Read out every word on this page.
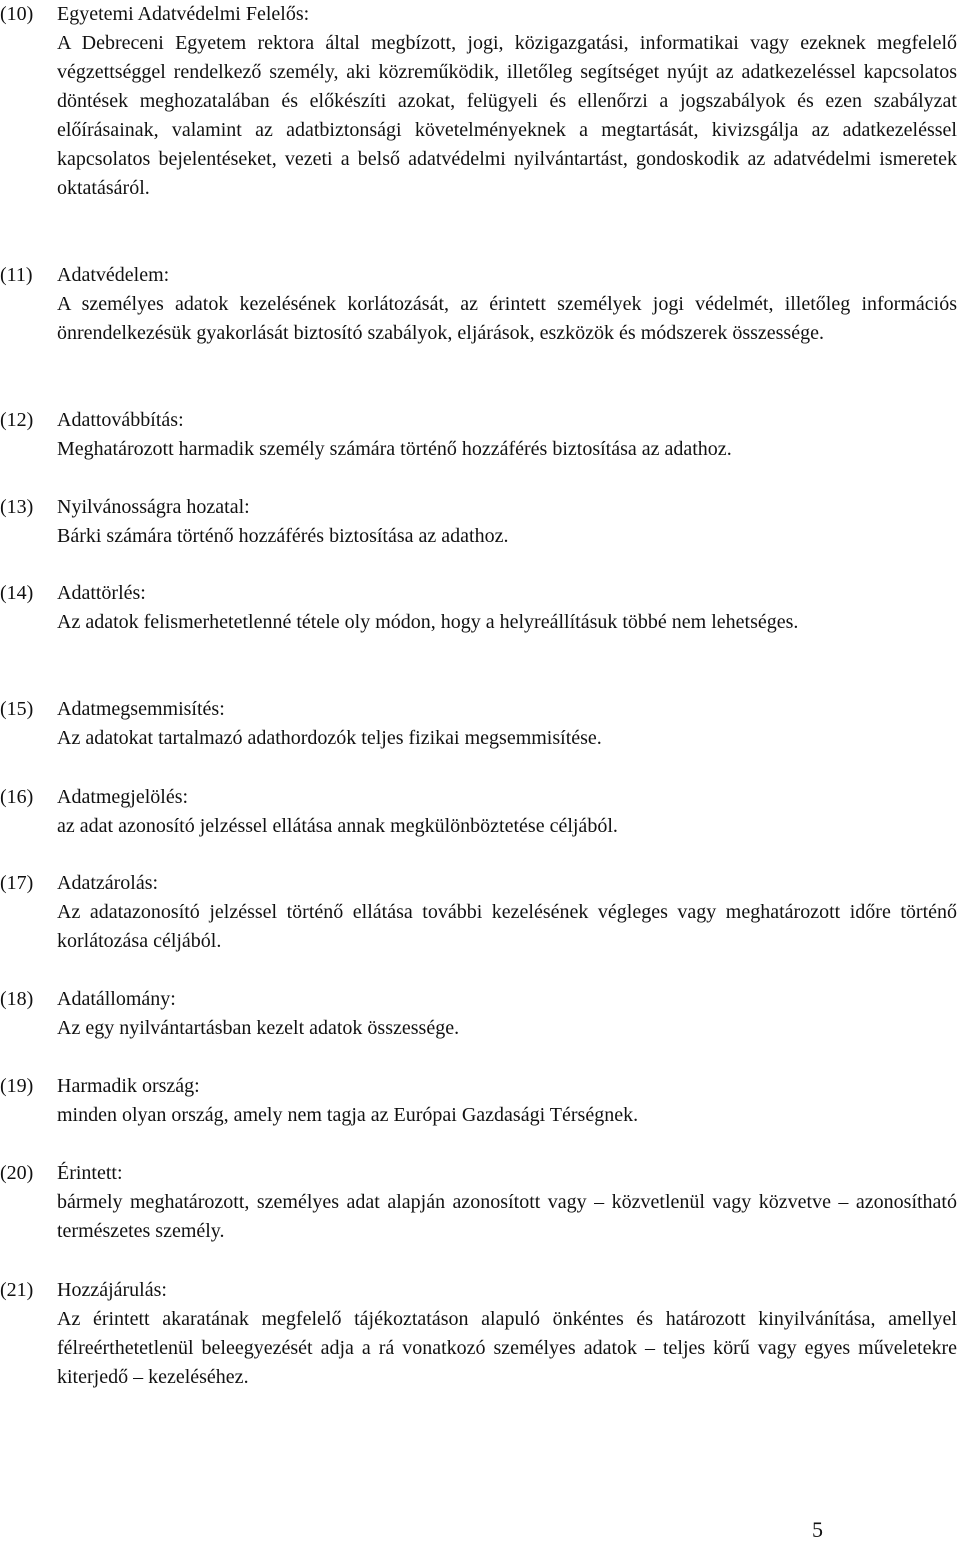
(10) Egyetemi Adatvédelmi Felelős:
A Debreceni Egyetem rektora által megbízott, jogi, közigazgatási, informatikai vagy ezeknek megfelelő végzettséggel rendelkező személy, aki közreműködik, illetőleg segítséget nyújt az adatkezeléssel kapcsolatos döntések meghozatalában és előkészíti azokat, felügyeli és ellenőrzi a jogszabályok és ezen szabályzat előírásainak, valamint az adatbiztonsági követelményeknek a megtartását, kivizsgálja az adatkezeléssel kapcsolatos bejelentéseket, vezeti a belső adatvédelmi nyilvántartást, gondoskodik az adatvédelmi ismeretek oktatásáról.
(11) Adatvédelem:
A személyes adatok kezelésének korlátozását, az érintett személyek jogi védelmét, illetőleg információs önrendelkezésük gyakorlását biztosító szabályok, eljárások, eszközök és módszerek összessége.
(12) Adattovábbítás:
Meghatározott harmadik személy számára történő hozzáférés biztosítása az adathoz.
(13) Nyilvánosságra hozatal:
Bárki számára történő hozzáférés biztosítása az adathoz.
(14) Adattörlés:
Az adatok felismerhetetlenné tétele oly módon, hogy a helyreállításuk többé nem lehetséges.
(15) Adatmegsemmisítés:
Az adatokat tartalmazó adathordozók teljes fizikai megsemmisítése.
(16) Adatmegjelölés:
az adat azonosító jelzéssel ellátása annak megkülönböztetése céljából.
(17) Adatzárolás:
Az adatazonosító jelzéssel történő ellátása további kezelésének végleges vagy meghatározott időre történő korlátozása céljából.
(18) Adatállomány:
Az egy nyilvántartásban kezelt adatok összessége.
(19) Harmadik ország:
minden olyan ország, amely nem tagja az Európai Gazdasági Térségnek.
(20) Érintett:
bármely meghatározott, személyes adat alapján azonosított vagy – közvetlenül vagy közvetve – azonosítható természetes személy.
(21) Hozzájárulás:
Az érintett akaratának megfelelő tájékoztatáson alapuló önkéntes és határozott kinyilvánítása, amellyel félreérthetetlenül beleegyezését adja a rá vonatkozó személyes adatok – teljes körű vagy egyes műveletekre kiterjedő – kezeléséhez.
5
